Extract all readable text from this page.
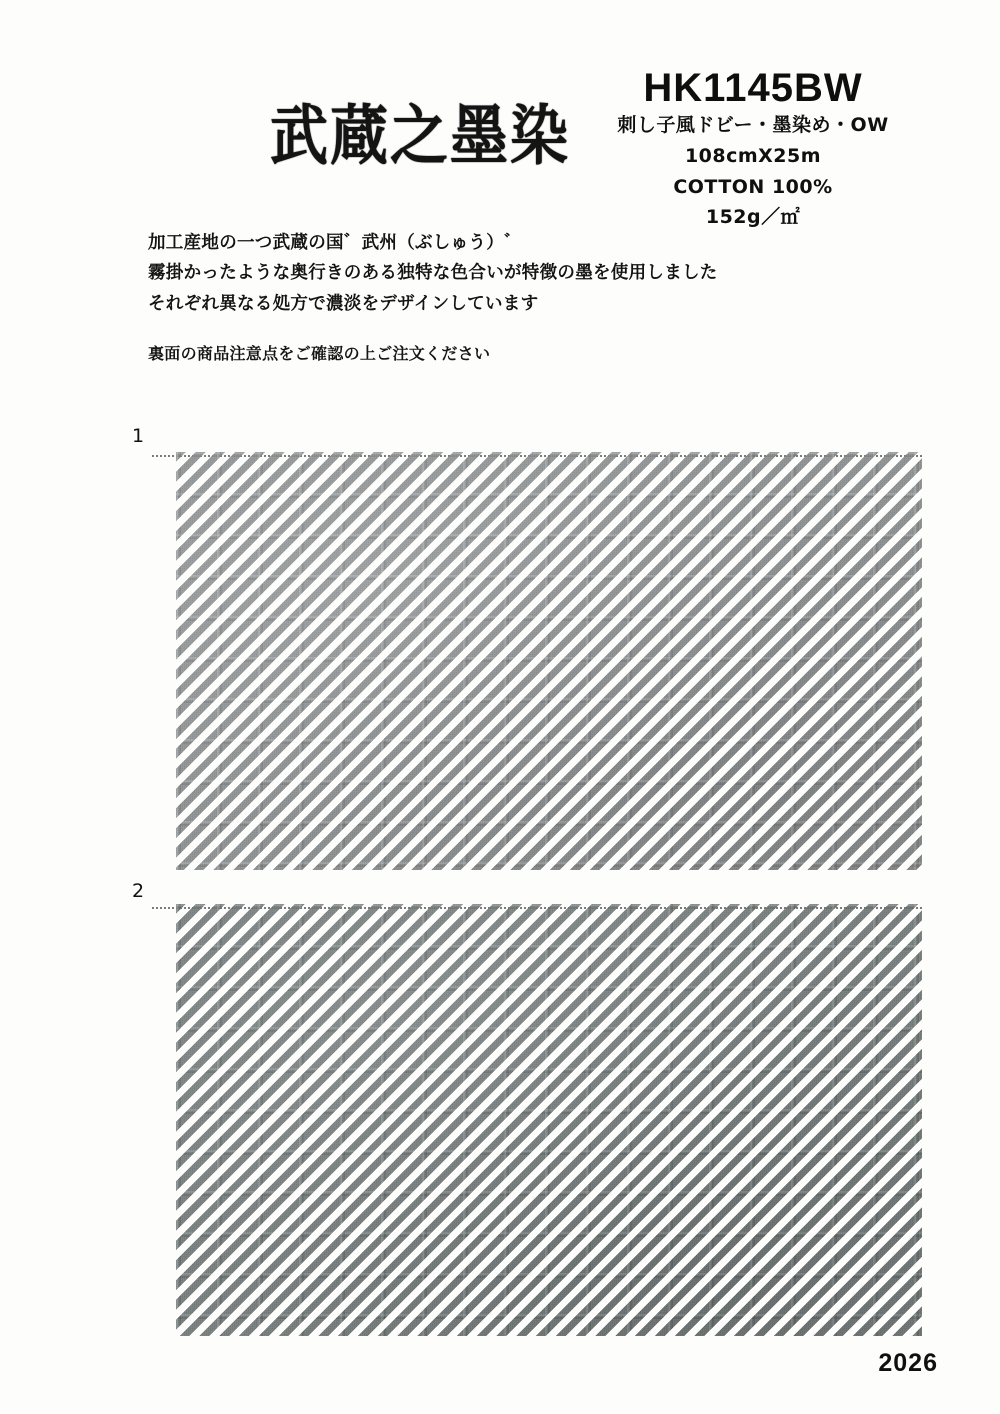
武蔵之墨染
HK1145BW
刺し子風ドビー・墨染め・OW
108cmX25m
COTTON 100%
152g／㎡
加工産地の一つ武蔵の国゛武州（ぶしゅう）゛
霧掛かったような奥行きのある独特な色合いが特徴の墨を使用しました
それぞれ異なる処方で濃淡をデザインしています
裏面の商品注意点をご確認の上ご注文ください
1
2
2026
